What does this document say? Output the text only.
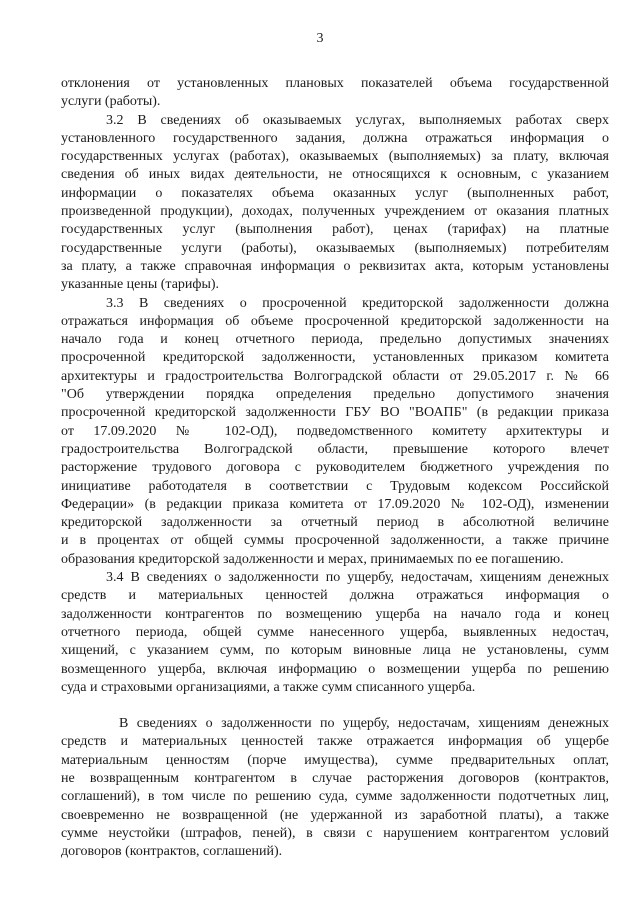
3
отклонения от установленных плановых показателей объема государственной
услуги (работы).
3.2 В сведениях об оказываемых услугах, выполняемых работах сверх
установленного государственного задания, должна отражаться информация о
государственных услугах (работах), оказываемых (выполняемых) за плату, включая
сведения об иных видах деятельности, не относящихся к основным, с указанием
информации о показателях объема оказанных услуг (выполненных работ,
произведенной продукции), доходах, полученных учреждением от оказания платных
государственных услуг (выполнения работ), ценах (тарифах) на платные
государственные услуги (работы), оказываемых (выполняемых) потребителям
за плату, а также справочная информация о реквизитах акта, которым установлены
указанные цены (тарифы).
3.3 В сведениях о просроченной кредиторской задолженности должна
отражаться информация об объеме просроченной кредиторской задолженности на
начало года и конец отчетного периода, предельно допустимых значениях
просроченной кредиторской задолженности, установленных приказом комитета
архитектуры и градостроительства Волгоградской области от 29.05.2017 г. № 66
"Об утверждении порядка определения предельно допустимого значения
просроченной кредиторской задолженности ГБУ ВО "ВОАПБ" (в редакции приказа
от 17.09.2020 № 102-ОД), подведомственного комитету архитектуры и
градостроительства Волгоградской области, превышение которого влечет
расторжение трудового договора с руководителем бюджетного учреждения по
инициативе работодателя в соответствии с Трудовым кодексом Российской
Федерации» (в редакции приказа комитета от 17.09.2020 № 102-ОД), изменении
кредиторской задолженности за отчетный период в абсолютной величине
и в процентах от общей суммы просроченной задолженности, а также причине
образования кредиторской задолженности и мерах, принимаемых по ее погашению.
3.4 В сведениях о задолженности по ущербу, недостачам, хищениям денежных
средств и материальных ценностей должна отражаться информация о
задолженности контрагентов по возмещению ущерба на начало года и конец
отчетного периода, общей сумме нанесенного ущерба, выявленных недостач,
хищений, с указанием сумм, по которым виновные лица не установлены, сумм
возмещенного ущерба, включая информацию о возмещении ущерба по решению
суда и страховыми организациями, а также сумм списанного ущерба.
В сведениях о задолженности по ущербу, недостачам, хищениям денежных
средств и материальных ценностей также отражается информация об ущербе
материальным ценностям (порче имущества), сумме предварительных оплат,
не возвращенным контрагентом в случае расторжения договоров (контрактов,
соглашений), в том числе по решению суда, сумме задолженности подотчетных лиц,
своевременно не возвращенной (не удержанной из заработной платы), а также
сумме неустойки (штрафов, пеней), в связи с нарушением контрагентом условий
договоров (контрактов, соглашений).
